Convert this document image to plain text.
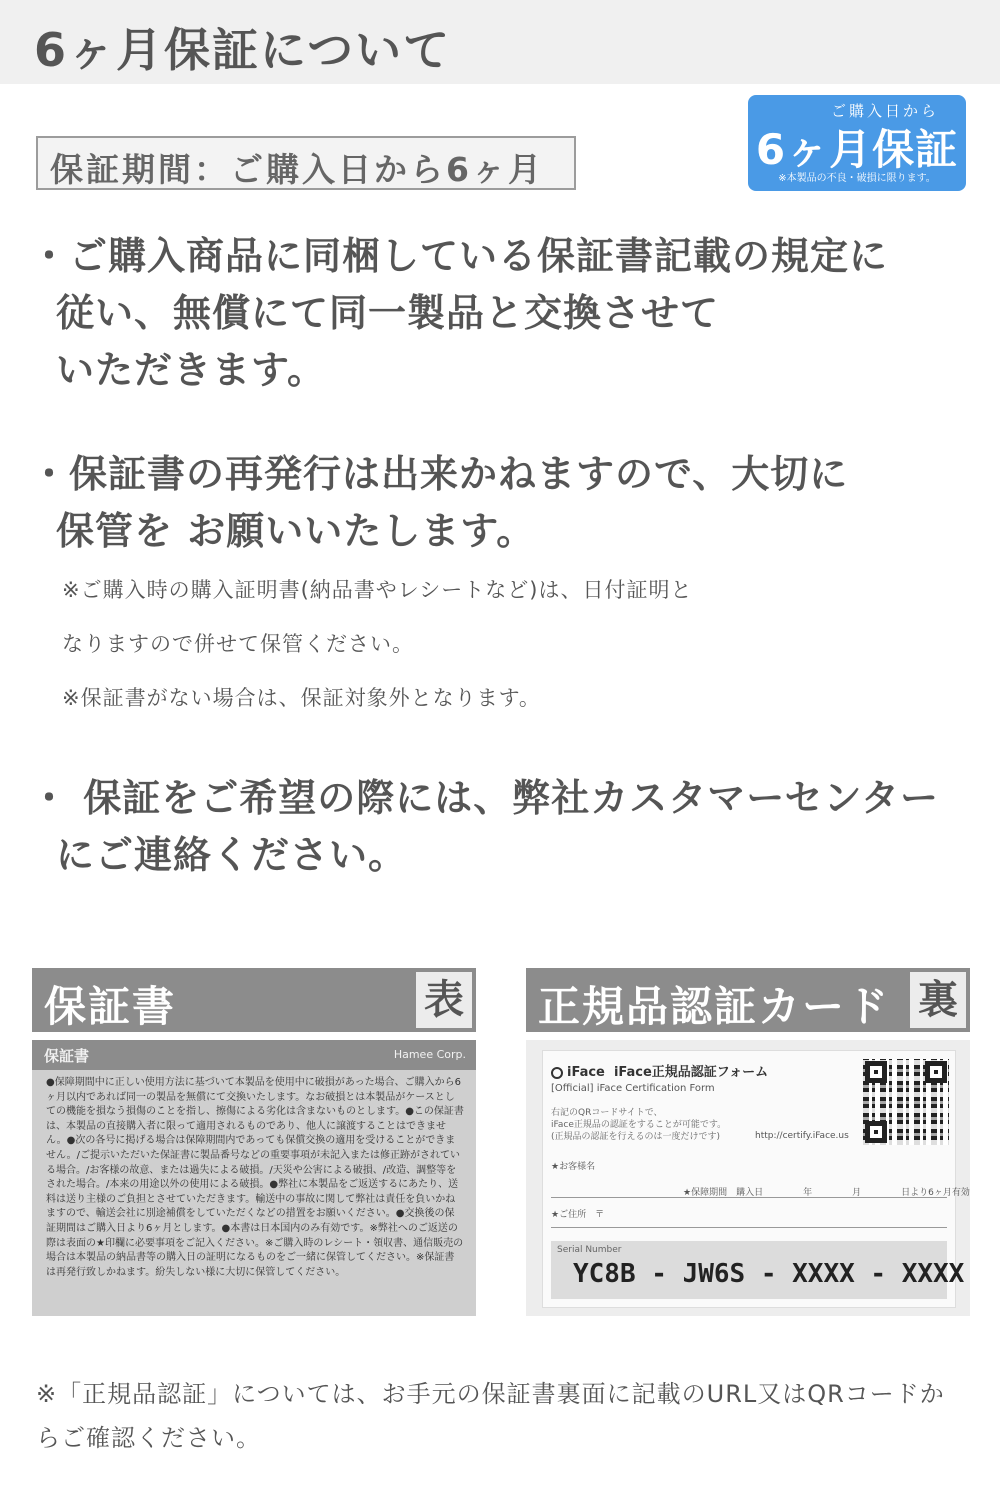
6ヶ月保証について
ご購入日から
6ヶ月保証
※本製品の不良・破損に限ります。
保証期間：ご購入日から6ヶ月
・ご購入商品に同梱している保証書記載の規定に
従い、無償にて同一製品と交換させて
いただきます。
・保証書の再発行は出来かねますので、大切に
保管を お願いいたします。
※ご購入時の購入証明書(納品書やレシートなど)は、日付証明と
なりますので併せて保管ください。
※保証書がない場合は、保証対象外となります。
・ 保証をご希望の際には、弊社カスタマーセンター
にご連絡ください。
保証書	表 正規品認証カード 裏
保証書	Hamee Corp.
●保障期間中に正しい使用方法に基づいて本製品を使用中に破損があった場合、ご購入から6ヶ月以内であれば同一の製品を無償にて交換いたします。なお破損とは本製品がケースとしての機能を損なう損傷のことを指し、擦傷による劣化は含まないものとします。●この保証書は、本製品の直接購入者に限って適用されるものであり、他人に譲渡することはできません。●次の各号に掲げる場合は保障期間内であっても保償交換の適用を受けることができません。/ご提示いただいた保証書に製品番号などの重要事項が未記入または修正跡がされている場合。/お客様の故意、または過失による破損。/天災や公害による破損、/改造、調整等をされた場合。/本来の用途以外の使用による破損。●弊社に本製品をご返送するにあたり、送料は送り主様のご負担とさせていただきます。輸送中の事故に関して弊社は責任を負いかねますので、輸送会社に別途補償をしていただくなどの措置をお願いください。●交換後の保証期間はご購入日より6ヶ月とします。●本書は日本国内のみ有効です。※弊社へのご返送の際は表面の★印欄に必要事項をご記入ください。※ご購入時のレシート・領収書、通信販売の場合は本製品の納品書等の購入日の証明になるものをご一緒に保管してください。※保証書は再発行致しかねます。紛失しない様に大切に保管してください。
iFace iFace正規品認証フォーム
[Official] iFace Certification Form
右記のQRコードサイトで、
iFace正規品の認証をすることが可能です。
(正規品の認証を行えるのは一度だけです)	http://certify.iFace.us
★お客様名
★保障期間　購入日	年	月	日より6ヶ月有効
★ご住所　〒
Serial Number
YC8B - JW6S - XXXX - XXXX
※「正規品認証」については、お手元の保証書裏面に記載のURL又はQRコードからご確認ください。
